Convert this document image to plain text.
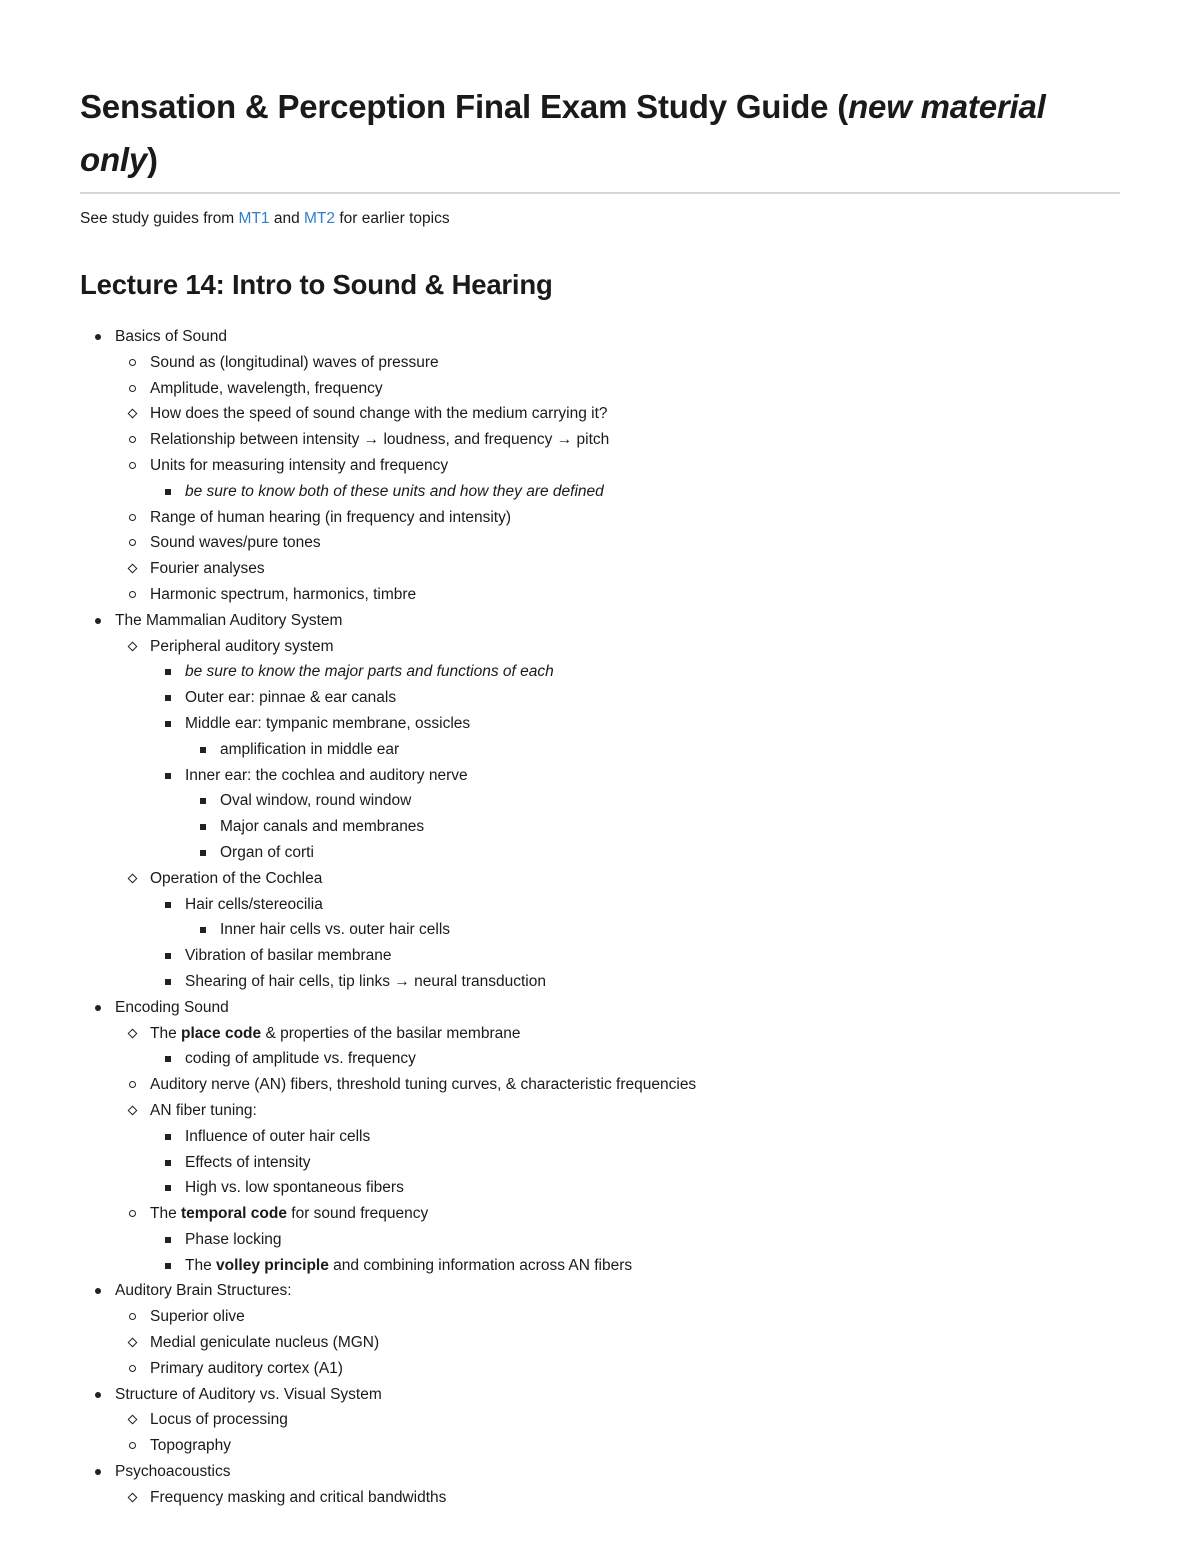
Sensation & Perception Final Exam Study Guide (new material only)

See study guides from MT1 and MT2 for earlier topics

Lecture 14: Intro to Sound & Hearing
Basics of Sound
Sound as (longitudinal) waves of pressure
Amplitude, wavelength, frequency
How does the speed of sound change with the medium carrying it?
Relationship between intensity → loudness, and frequency → pitch
Units for measuring intensity and frequency
be sure to know both of these units and how they are defined
Range of human hearing (in frequency and intensity)
Sound waves/pure tones
Fourier analyses
Harmonic spectrum, harmonics, timbre
The Mammalian Auditory System
Peripheral auditory system
be sure to know the major parts and functions of each
Outer ear: pinnae & ear canals
Middle ear: tympanic membrane, ossicles
amplification in middle ear
Inner ear: the cochlea and auditory nerve
Oval window, round window
Major canals and membranes
Organ of corti
Operation of the Cochlea
Hair cells/stereocilia
Inner hair cells vs. outer hair cells
Vibration of basilar membrane
Shearing of hair cells, tip links → neural transduction
Encoding Sound
The place code & properties of the basilar membrane
coding of amplitude vs. frequency
Auditory nerve (AN) fibers, threshold tuning curves, & characteristic frequencies
AN fiber tuning:
Influence of outer hair cells
Effects of intensity
High vs. low spontaneous fibers
The temporal code for sound frequency
Phase locking
The volley principle and combining information across AN fibers
Auditory Brain Structures:
Superior olive
Medial geniculate nucleus (MGN)
Primary auditory cortex (A1)
Structure of Auditory vs. Visual System
Locus of processing
Topography
Psychoacoustics
Frequency masking and critical bandwidths
